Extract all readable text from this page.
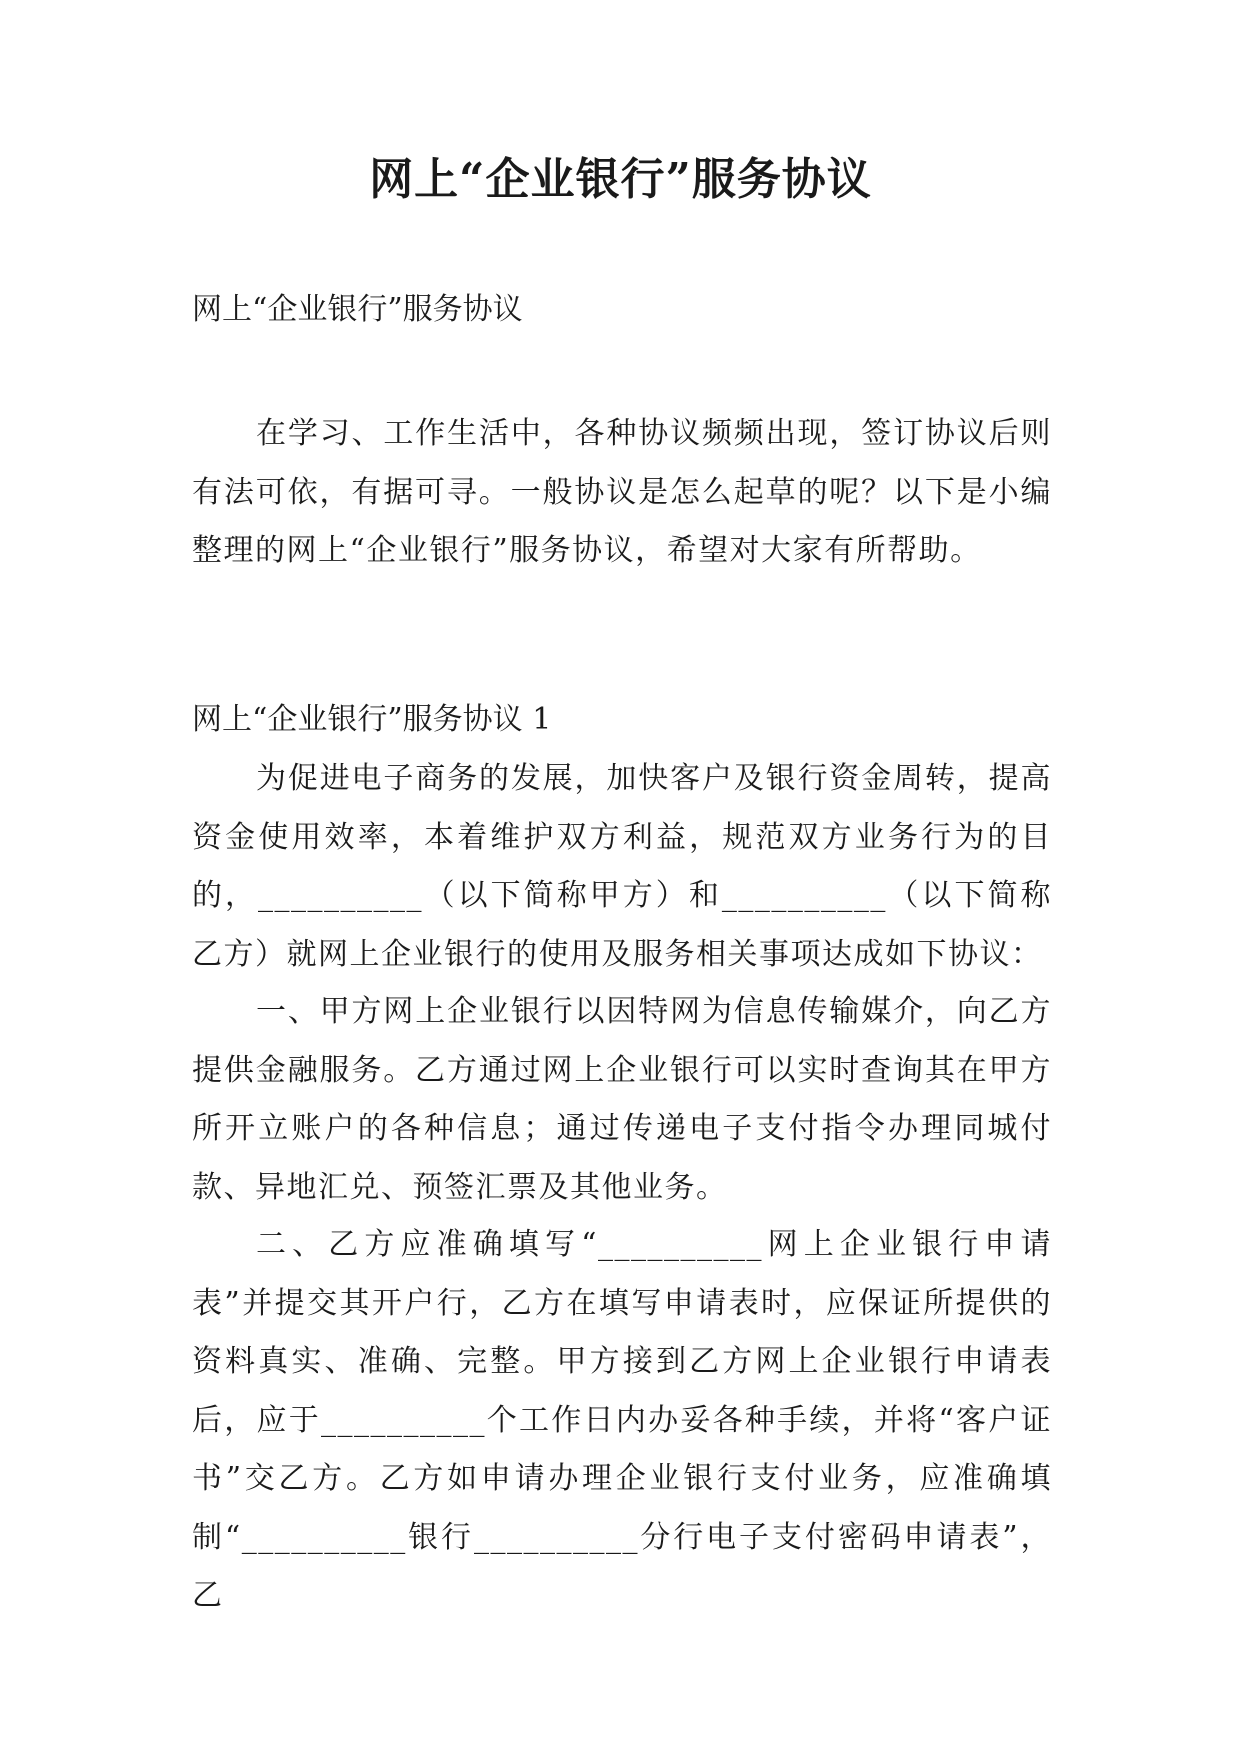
网上“企业银行”服务协议

网上“企业银行”服务协议

在学习、工作生活中，各种协议频频出现，签订协议后则有法可依，有据可寻。一般协议是怎么起草的呢？以下是小编整理的网上“企业银行”服务协议，希望对大家有所帮助。

网上“企业银行”服务协议 1

为促进电子商务的发展，加快客户及银行资金周转，提高资金使用效率，本着维护双方利益，规范双方业务行为的目的，__________（以下简称甲方）和__________（以下简称乙方）就网上企业银行的使用及服务相关事项达成如下协议：

一、甲方网上企业银行以因特网为信息传输媒介，向乙方提供金融服务。乙方通过网上企业银行可以实时查询其在甲方所开立账户的各种信息；通过传递电子支付指令办理同城付款、异地汇兑、预签汇票及其他业务。

二、乙方应准确填写“__________网上企业银行申请表”并提交其开户行，乙方在填写申请表时，应保证所提供的资料真实、准确、完整。甲方接到乙方网上企业银行申请表后，应于__________个工作日内办妥各种手续，并将“客户证书”交乙方。乙方如申请办理企业银行支付业务，应准确填制“__________银行__________分行电子支付密码申请表”，乙
